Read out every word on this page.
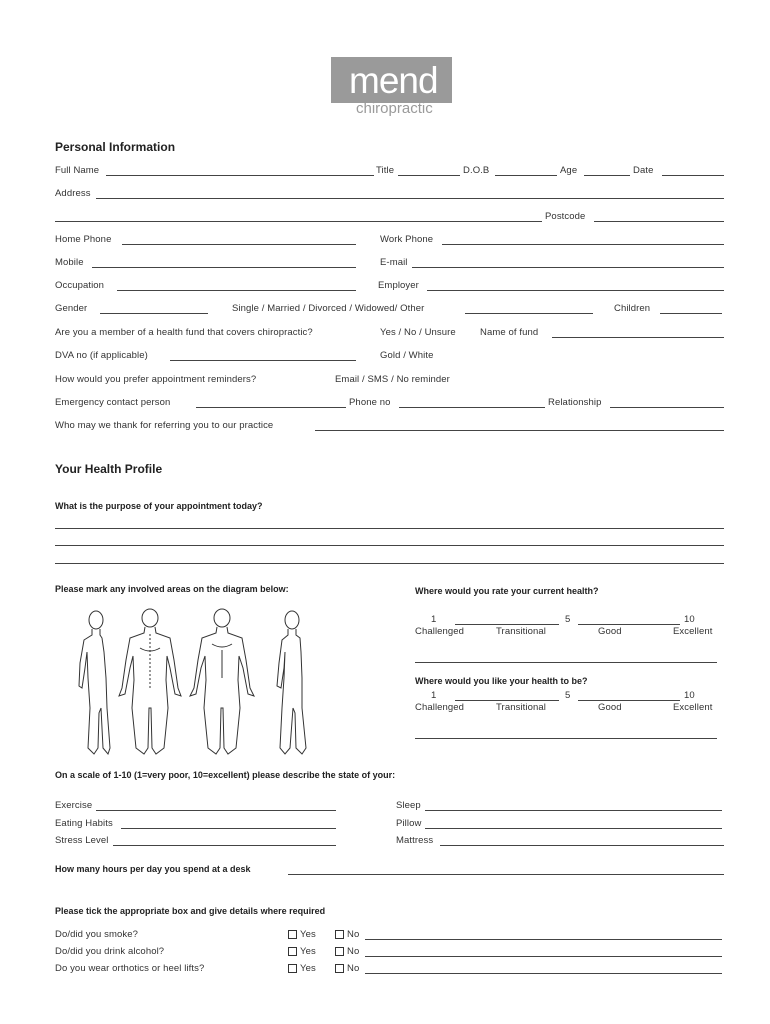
mend
chiropractic
Personal Information
Full Name	Title	D.O.B	Age	Date
Address
Postcode
Home Phone	Work Phone
Mobile	E-mail
Occupation	Employer
Gender	Single / Married / Divorced / Widowed/ Other	Children
Are you a member of a health fund that covers chiropractic?	Yes / No / Unsure	Name of fund
DVA no (if applicable)	Gold / White
How would you prefer appointment reminders?	Email / SMS / No reminder
Emergency contact person	Phone no	Relationship
Who may we thank for referring you to our practice
Your Health Profile
What is the purpose of your appointment today?
Please mark any involved areas on the diagram below:	Where would you rate your current health?
1	5	10
Challenged	Transitional	Good	Excellent
Where would you like your health to be?
1	5	10
Challenged	Transitional	Good	Excellent
On a scale of 1-10 (1=very poor, 10=excellent) please describe the state of your:
Exercise	Sleep
Eating Habits	Pillow
Stress Level	Mattress
How many hours per day you spend at a desk
Please tick the appropriate box and give details where required
Do/did you smoke?	Yes	No
Do/did you drink alcohol?	Yes	No
Do you wear orthotics or heel lifts?	Yes	No
